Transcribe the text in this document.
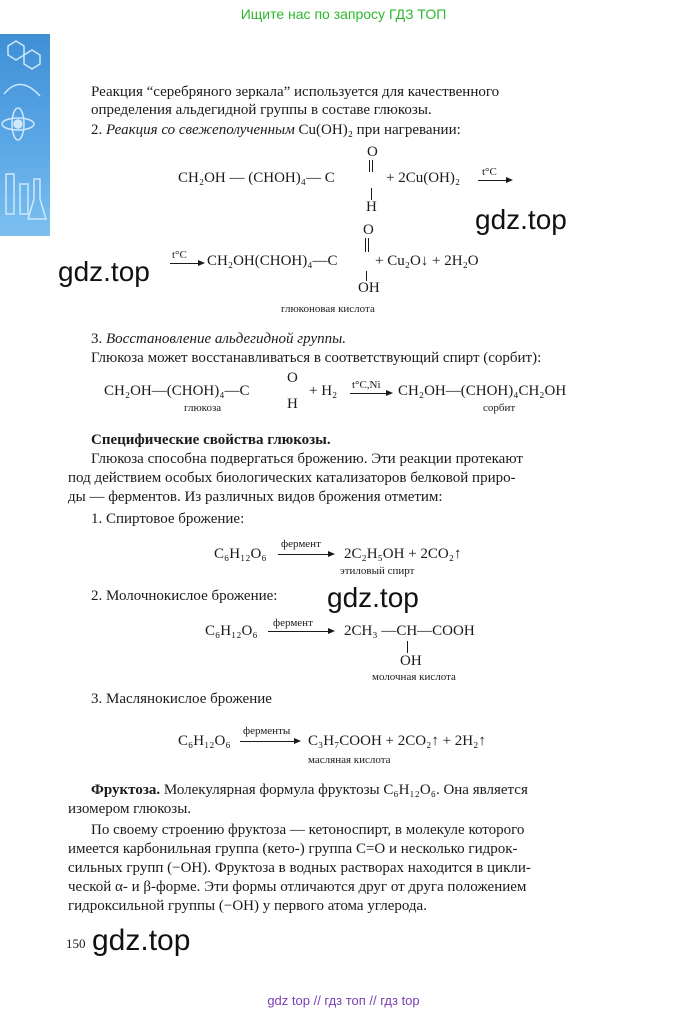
Ищите нас по запросу ГДЗ ТОП
Реакция “серебряного зеркала” используется для качественного
определения альдегидной группы в составе глюкозы.
2. Реакция со свежеполученным Cu(OH)₂ при нагревании:
CH₂OH — (CHOH)₄— C
O
H
+ 2Cu(OH)₂ t°C
gdz.top
gdz.top
t°C CH₂OH(CHOH)₄—C
O
OH
+ Cu₂O↓ + 2H₂O
глюконовая кислота
3. Восстановление альдегидной группы.
Глюкоза может восстанавливаться в соответствующий спирт (сорбит):
CH₂OH—(CHOH)₄—C
O
H
глюкоза
+ H₂ t°C,Ni CH₂OH—(CHOH)₄CH₂OH
сорбит
Специфические свойства глюкозы.
Глюкоза способна подвергаться брожению. Эти реакции протекают
под действием особых биологических катализаторов белковой приро-
ды — ферментов. Из различных видов брожения отметим:
1. Спиртовое брожение:
C₆H₁₂O₆
фермент
2C₂H₅OH + 2CO₂↑
этиловый спирт
2. Молочнокислое брожение: gdz.top
C₆H₁₂O₆ фермент 2CH₃ —CH—COOH
OH
молочная кислота
3. Маслянокислое брожение
C₆H₁₂O₆
ферменты
C₃H₇COOH + 2CO₂↑ + 2H₂↑
масляная кислота
Фруктоза. Молекулярная формула фруктозы C₆H₁₂O₆. Она является
изомером глюкозы.
По своему строению фруктоза — кетоноспирт, в молекуле которого
имеется карбонильная группа (кето-) группа C=O и несколько гидрок-
сильных групп (−OH). Фруктоза в водных растворах находится в цикли-
ческой α- и β-форме. Эти формы отличаются друг от друга положением
гидроксильной группы (−OH) у первого атома углерода.
150 gdz.top
gdz top // гдз топ // гдз top
